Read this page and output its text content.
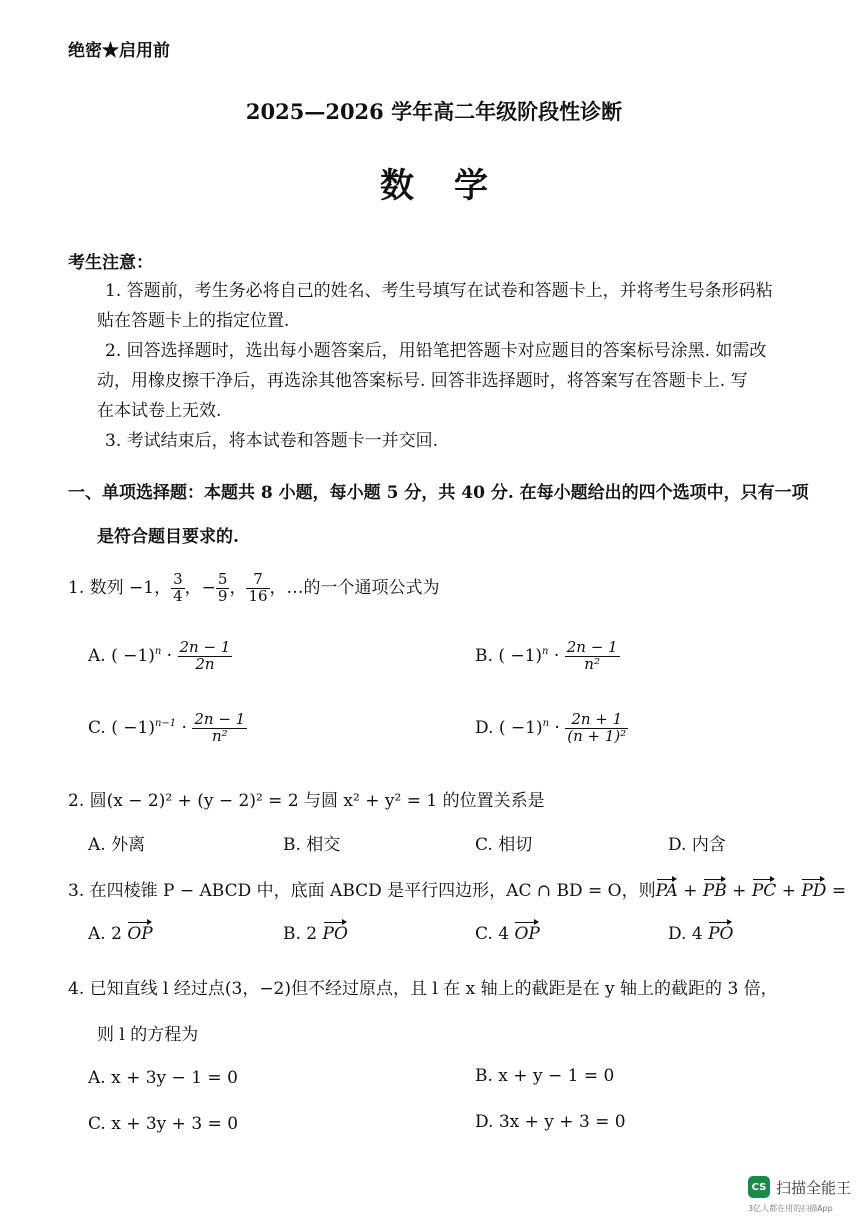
绝密★启用前
2025—2026 学年高二年级阶段性诊断
数学
考生注意：
1. 答题前，考生务必将自己的姓名、考生号填写在试卷和答题卡上，并将考生号条形码粘
贴在答题卡上的指定位置.
2. 回答选择题时，选出每小题答案后，用铅笔把答题卡对应题目的答案标号涂黑. 如需改
动，用橡皮擦干净后，再选涂其他答案标号. 回答非选择题时，将答案写在答题卡上. 写
在本试卷上无效.
3. 考试结束后，将本试卷和答题卡一并交回.
一、单项选择题：本题共 8 小题，每小题 5 分，共 40 分. 在每小题给出的四个选项中，只有一项
是符合题目要求的.
1. 数列 −1， $\frac{3}{4}$ ，− $\frac{5}{9}$ ， $\frac{7}{16}$ ，…的一个通项公式为
A. ( $-1)^n \cdot \frac{2n - 1}{2n}$	B. ( $-1)^n \cdot \frac{2n - 1}{\text{n²}}$
C. ( $-1)^{n-1} \cdot \frac{2n - 1}{\text{n²}}$	D. ( $-1)^n \cdot \frac{2n + 1}{\text{(n + 1)²}}$
2. 圆(x − 2)² + (y − 2)² = 2 与圆 x² + y² = 1 的位置关系是
A. 外离	B. 相交	C. 相切	D. 内含
3. 在四棱锥 P − ABCD 中，底面 ABCD 是平行四边形，AC ∩ BD = O，则PA + PB + PC + PD =
A. 2 OP	B. 2 PO	C. 4 OP	D. 4 PO
4. 已知直线 l 经过点(3，−2)但不经过原点，且 l 在 x 轴上的截距是在 y 轴上的截距的 3 倍，
则 l 的方程为
A. x + 3y − 1 = 0	B. x + y − 1 = 0
C. x + 3y + 3 = 0	D. 3x + y + 3 = 0
CS 扫描全能王
3亿人都在用的扫描App
